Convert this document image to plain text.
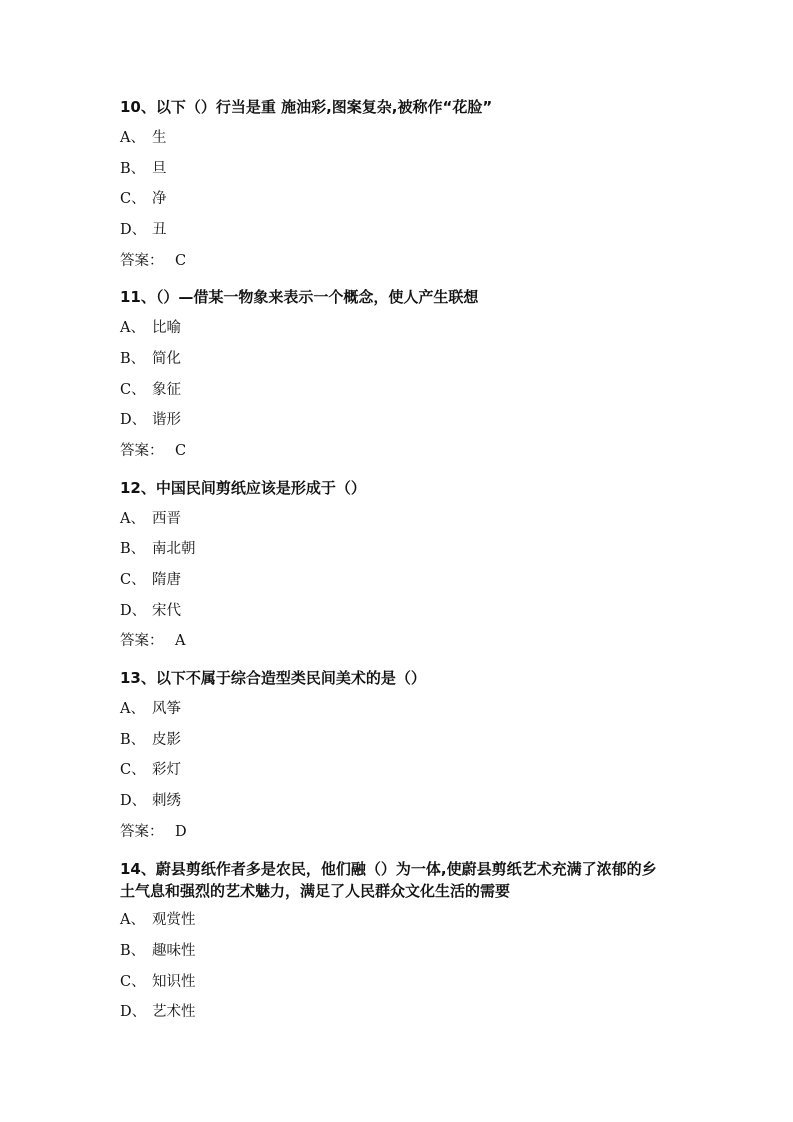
10、以下（）行当是重 施油彩,图案复杂,被称作“花脸”

A、 生

B、 旦

C、 净

D、 丑

答案： C

11、（）—借某一物象来表示一个概念，使人产生联想

A、 比喻

B、 简化

C、 象征

D、 谐形

答案： C

12、中国民间剪纸应该是形成于（）

A、 西晋

B、 南北朝

C、 隋唐

D、 宋代

答案： A

13、以下不属于综合造型类民间美术的是（）

A、 风筝

B、 皮影

C、 彩灯

D、 刺绣

答案： D

14、蔚县剪纸作者多是农民，他们融（）为一体,使蔚县剪纸艺术充满了浓郁的乡土气息和强烈的艺术魅力，满足了人民群众文化生活的需要

A、 观赏性

B、 趣味性

C、 知识性

D、 艺术性
